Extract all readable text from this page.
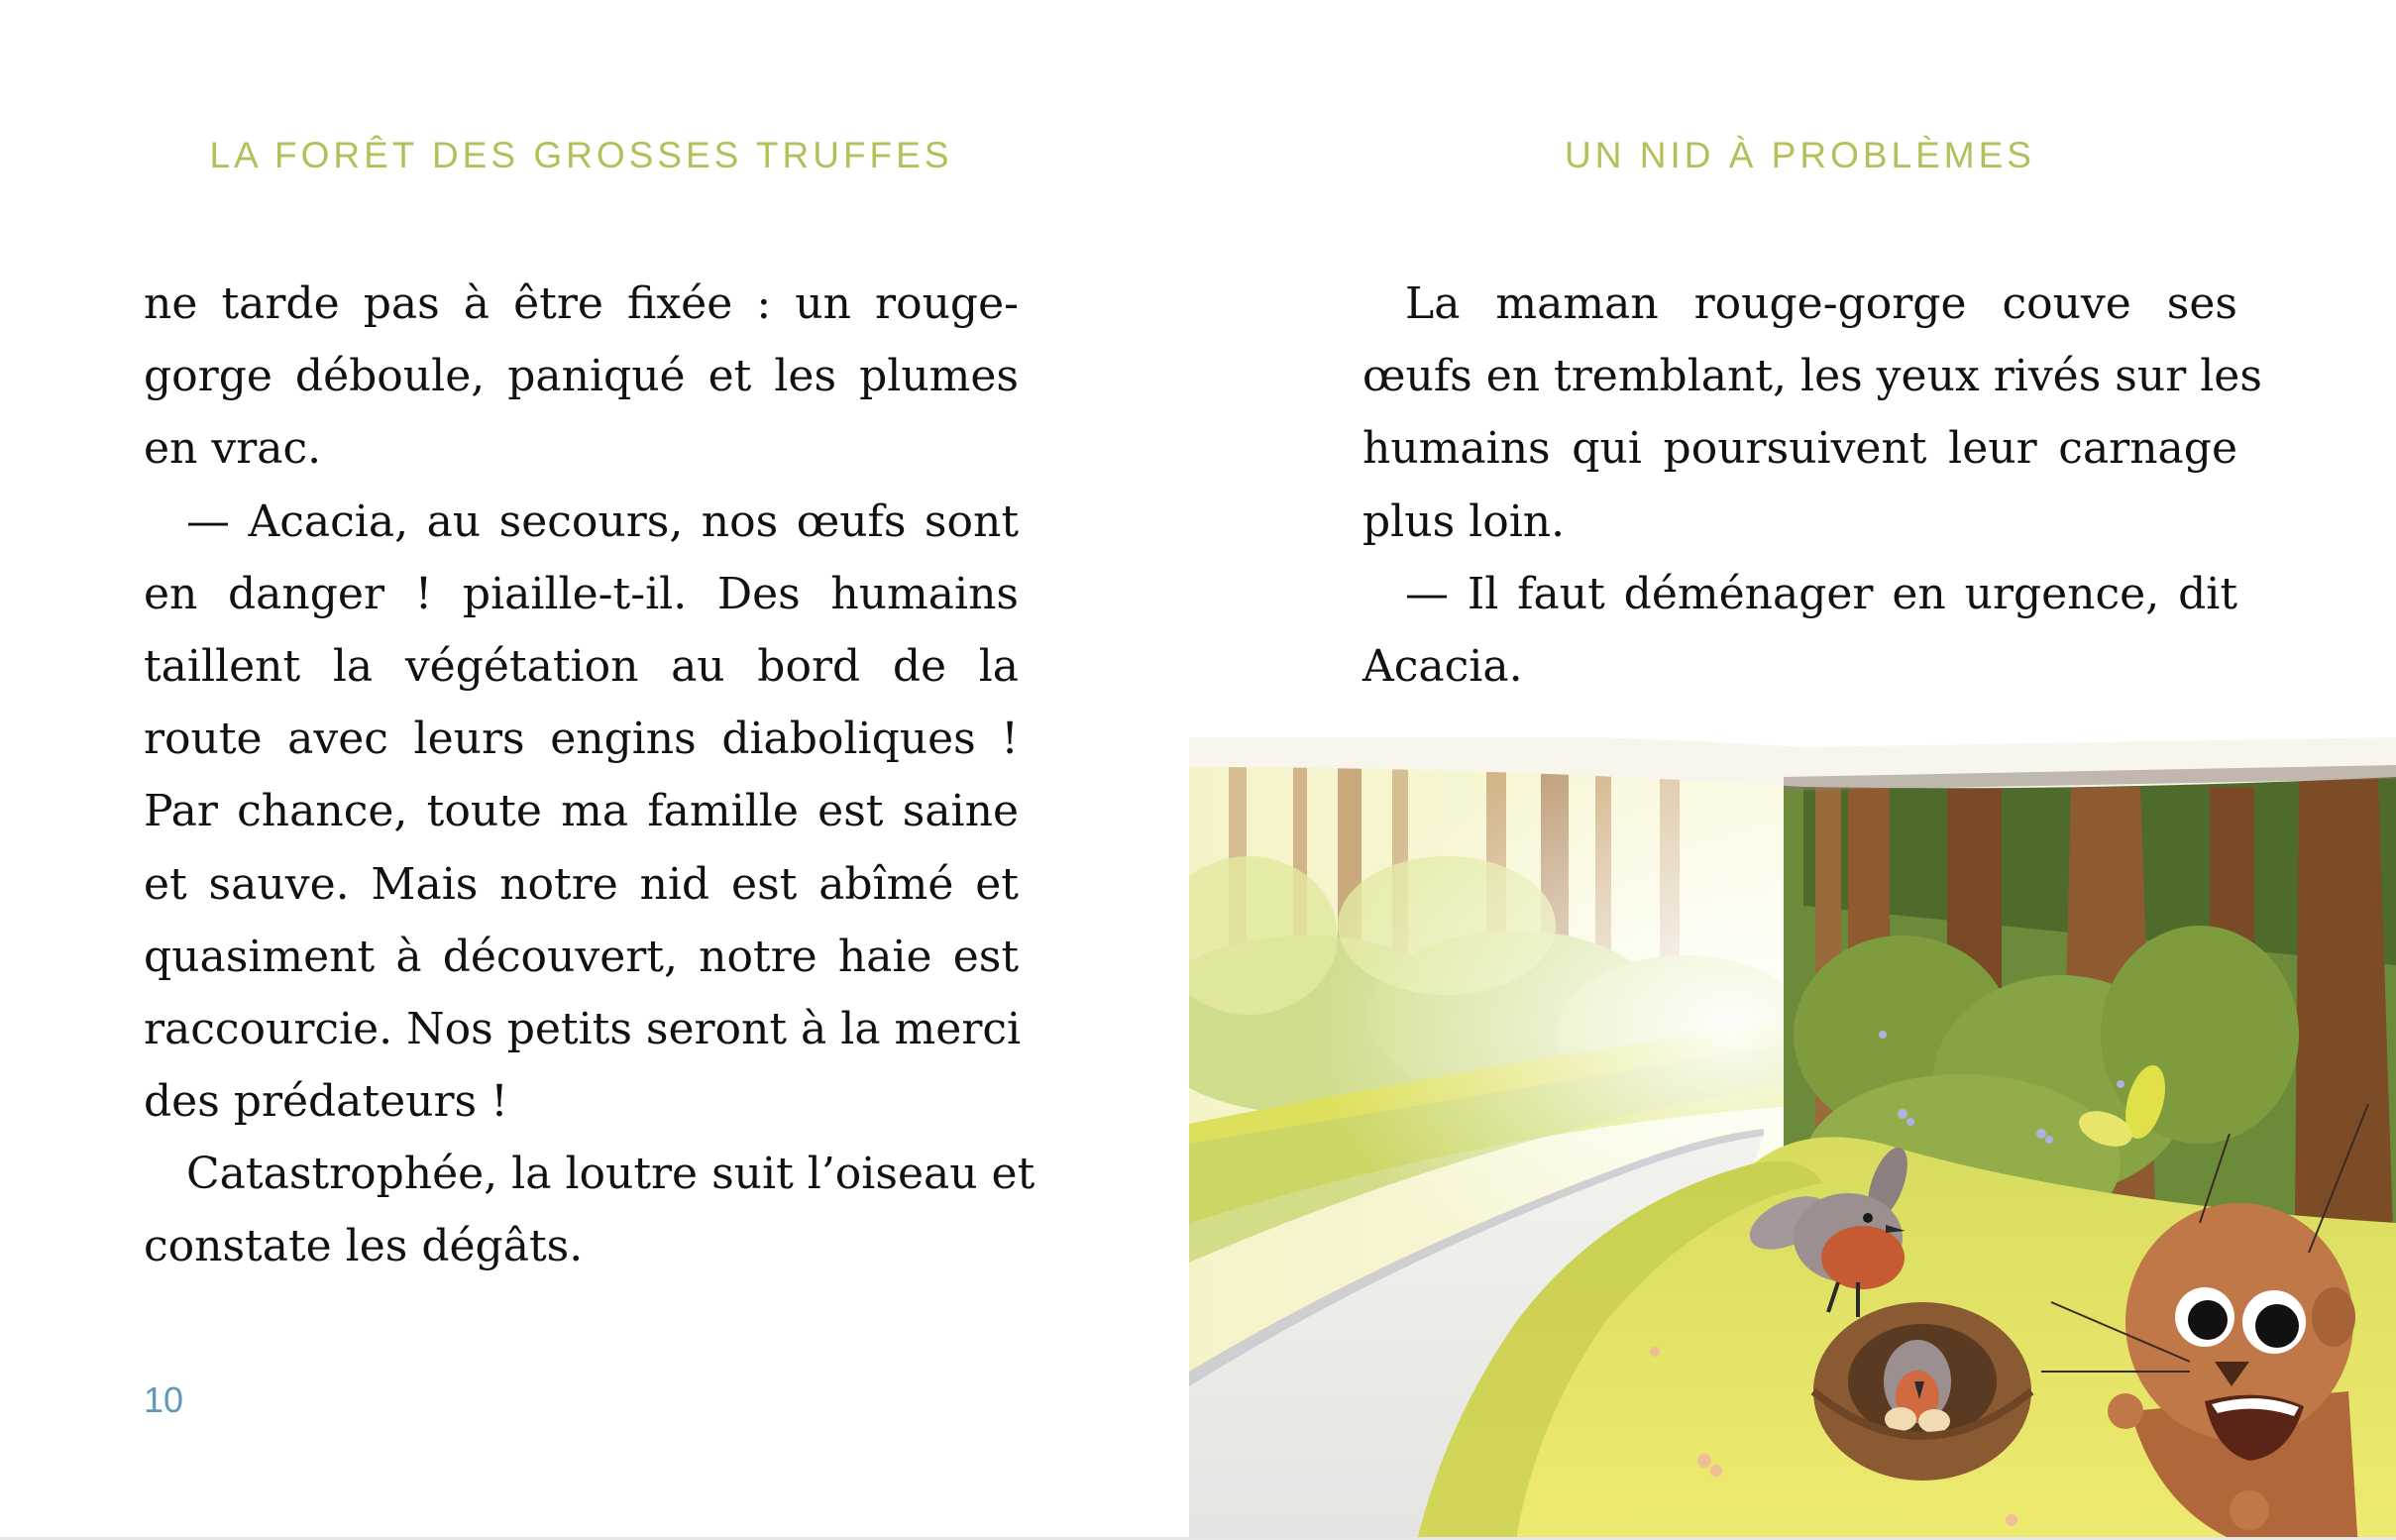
LA FORÊT DES GROSSES TRUFFES
ne tarde pas à être fixée : un rouge-
gorge déboule, paniqué et les plumes
en vrac.
— Acacia, au secours, nos œufs sont
en danger ! piaille-t-il. Des humains
taillent la végétation au bord de la
route avec leurs engins diaboliques !
Par chance, toute ma famille est saine
et sauve. Mais notre nid est abîmé et
quasiment à découvert, notre haie est
raccourcie. Nos petits seront à la merci
des prédateurs !
Catastrophée, la loutre suit l’oiseau et
constate les dégâts.
10
UN NID À PROBLÈMES
La maman rouge-gorge couve ses
œufs en tremblant, les yeux rivés sur les
humains qui poursuivent leur carnage
plus loin.
— Il faut déménager en urgence, dit
Acacia.
